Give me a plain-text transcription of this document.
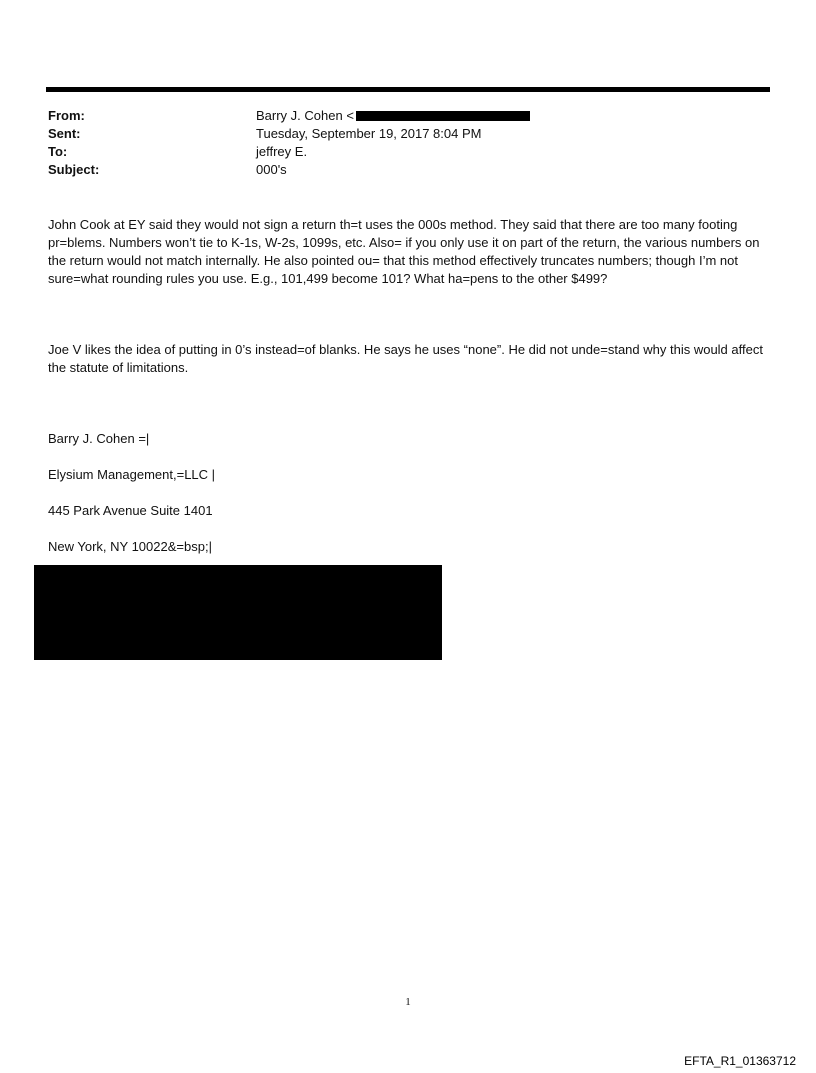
From:	Barry J. Cohen <
Sent:	Tuesday, September 19, 2017 8:04 PM
To:	jeffrey E.
Subject:	000's

John Cook at EY said they would not sign a return th=t uses the 000s method. They said that there are too many footing pr=blems. Numbers won’t tie to K-1s, W-2s, 1099s, etc. Also= if you only use it on part of the return, the various numbers on the return would not match internally. He also pointed ou= that this method effectively truncates numbers; though I’m not sure=what rounding rules you use. E.g., 101,499 become 101? What ha=pens to the other $499?

Joe V likes the idea of putting in 0’s instead=of blanks. He says he uses “none”. He did not unde=stand why this would affect the statute of limitations.

Barry J. Cohen =|
Elysium Management,=LLC |
445 Park Avenue Suite 1401
New York, NY 10022&=bsp;|
1
EFTA_R1_01363712
